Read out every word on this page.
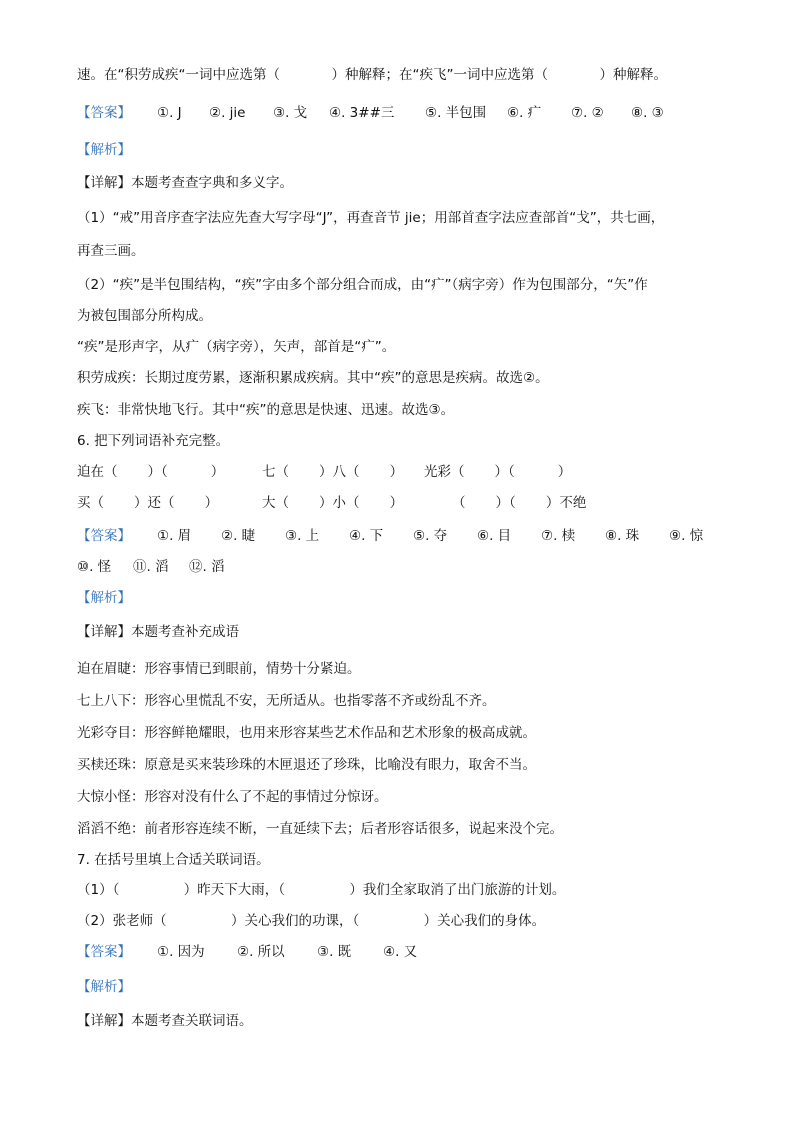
速。在“积劳成疾“一词中应选第（            ）种解释；在“疾飞”一词中应选第（            ）种解释。

【答案】

①. J

②. jie

③. 戈

④. 3##三

⑤. 半包围

⑥. 疒

⑦. ②

⑧. ③

【解析】
【详解】本题考查查字典和多义字。
（1）“戒”用音序查字法应先查大写字母“J”，再查音节 jie；用部首查字法应查部首“戈”，共七画，
再查三画。
（2）“疾”是半包围结构，“疾”字由多个部分组合而成，由“疒”（病字旁）作为包围部分，“矢”作
为被包围部分所构成。
“疾”是形声字，从疒（病字旁），矢声，部首是“疒”。
积劳成疾：长期过度劳累，逐渐积累成疾病。其中“疾”的意思是疾病。故选②。
疾飞：非常快地飞行。其中“疾”的意思是快速、迅速。故选③。
6. 把下列词语补充完整。
迫在（       ）（          ）	七（       ）八（       ） 光彩（       ）（          ）
买（       ）还（       ）	大（       ）小（       ）	（       ）（       ）不绝

【答案】

①. 眉

②. 睫

③. 上

④. 下

⑤. 夺

⑥. 目

⑦. 椟

⑧. 珠

⑨. 惊

⑩. 怪

⑪. 滔

⑫. 滔

【解析】
【详解】本题考查补充成语
迫在眉睫：形容事情已到眼前，情势十分紧迫。
七上八下：形容心里慌乱不安，无所适从。也指零落不齐或纷乱不齐。
光彩夺目：形容鲜艳耀眼，也用来形容某些艺术作品和艺术形象的极高成就。
买椟还珠：原意是买来装珍珠的木匣退还了珍珠，比喻没有眼力，取舍不当。
大惊小怪：形容对没有什么了不起的事情过分惊讶。
滔滔不绝：前者形容连续不断，一直延续下去；后者形容话很多，说起来没个完。
7. 在括号里填上合适关联词语。
（1）（               ）昨天下大雨，（               ）我们全家取消了出门旅游的计划。
（2）张老师（               ）关心我们的功课，（               ）关心我们的身体。

【答案】

①. 因为

②. 所以

③. 既

④. 又

【解析】
【详解】本题考查关联词语。
